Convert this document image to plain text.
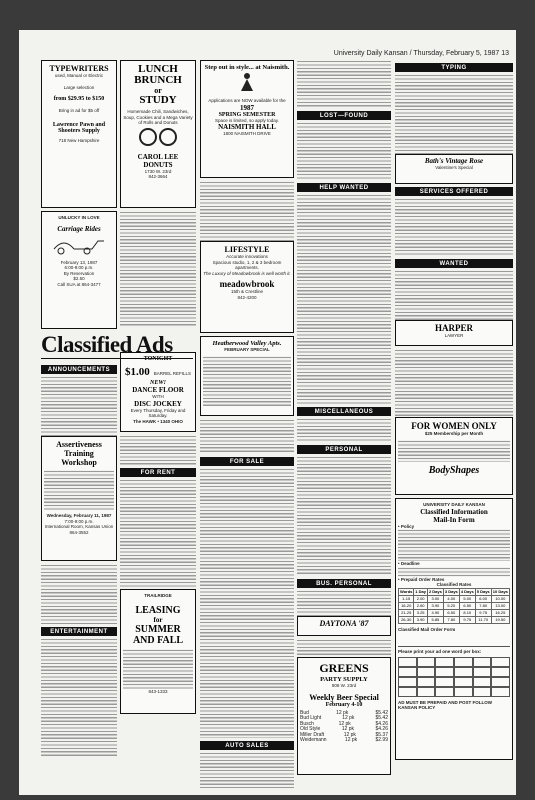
University Daily Kansan / Thursday, February 5, 1987 13
TYPEWRITERS
used, Manual or Electric
Large selection
from $29.95 to $150
Bring in ad for $5 off
Lawrence Pawn and Shooters Supply
718 New Hampshire
UNLUCKY IN LOVE
Carriage Rides
February 13, 1987
6:00-9:00 p.m.
By Reservation
$2.50
Call SUA at 864-3477
ANNOUNCEMENTS
Assertiveness
Training
Workshop
Wednesday, February 11, 1987
7:00-9:00 p.m.
International Room, Kansas Union
864-3552
ENTERTAINMENT
LUNCH
BRUNCH
or
STUDY
Homemade Chili, Sandwiches, Soup, Cookies and a Mega Variety of Rolls and Donuts
CAROL LEE DONUTS
1730 W. 23rd
842-3664
$1.00 BARREL REFILLS
NEW!
DANCE FLOOR
WITH
DISC JOCKEY
Every Thursday, Friday and Saturday.
The HAWK • 1340 OHIO
FOR RENT
TRAILRIDGE
LEASING
for
SUMMER
AND FALL
843-1333
Step out in style... at Naismith.
Applications are NOW available for the
1987
SPRING SEMESTER
Space is limited, so apply today.
NAISMITH HALL
1800 NAISMITH DRIVE
LIFESTYLE
Accurate innovations
Spacious studio, 1, 2 & 3 bedroom apartments.
The Luxury of Meadowbrook is well worth it.
meadowbrook
15th & Crestline
842-4200
Heatherwood Valley Apts.
FEBRUARY SPECIAL
FOR SALE
AUTO SALES
LOST—FOUND
HELP WANTED
MISCELLANEOUS
PERSONAL
BUS. PERSONAL
DAYTONA '87
GREENS
PARTY SUPPLY
808 W. 23rd
Weekly Beer Special
February 4-10
Bud	12 pk	$5.42
Bud Light	12 pk	$5.42
Busch	12 pk	$4.26
Old Style	12 pk	$4.26
Miller Draft	12 pk	$5.37
Weidemann	12 pk	$2.99
TYPING
Bath's Vintage Rose
Valentine's Special
SERVICES OFFERED
WANTED
HARPER
LAWYER
FOR WOMEN ONLY
$25 Membership per Month
BodyShapes
UNIVERSITY DAILY KANSAN
Classified Information
Mail-In Form
• Policy
• Deadline
• Prepaid Order Rates
Classified Rates
Words	1 Day	2 Days	3 Days	4 Days	5 Days	10 Days
1-15	2.00	3.00	4.00	5.00	6.00	10.00
16-20	2.60	3.90	5.20	6.50	7.80	13.00
21-25	3.25	4.90	6.50	8.10	9.75	16.25
26-30	3.90	5.85	7.80	9.75	11.70	19.50
Classified Mail Order Form
Please print your ad one word per box:
AD MUST BE PREPAID AND POST FOLLOW KANSAN POLICY
Classified Ads
